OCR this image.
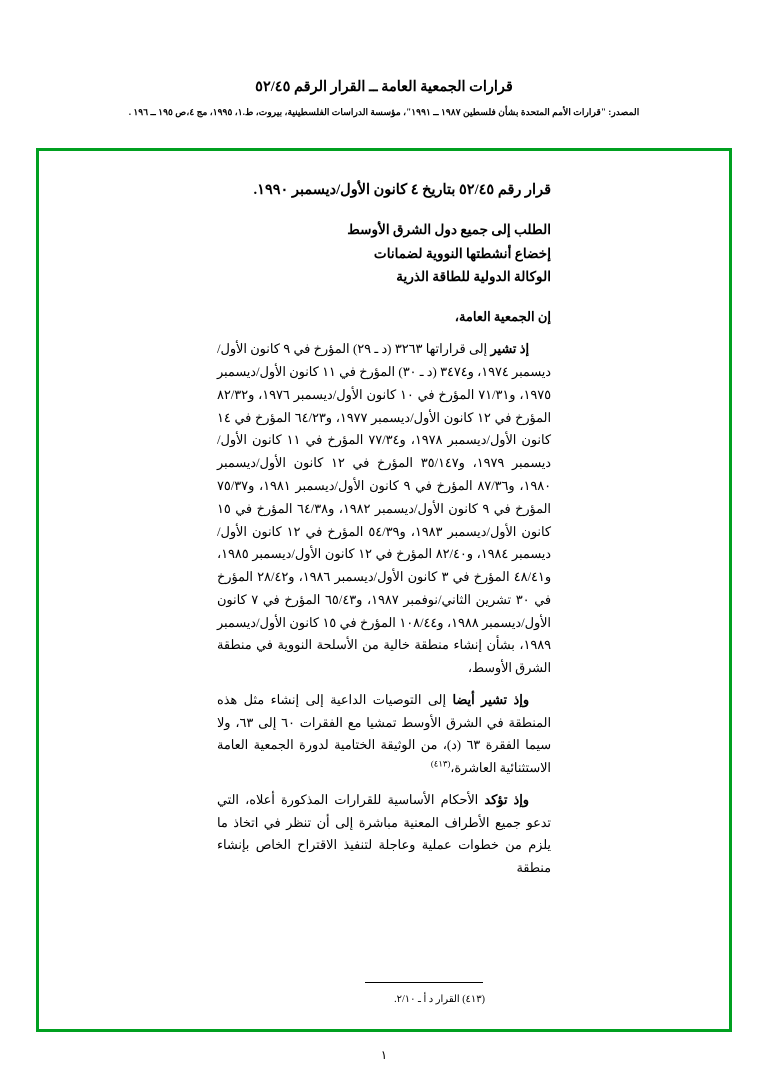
قرارات الجمعية العامة ــ القرار الرقم ٥٢/٤٥
المصدر: "قرارات الأمم المتحدة بشأن فلسطين ١٩٨٧ ــ ١٩٩١"، مؤسسة الدراسات الفلسطينية، بيروت، ط.١، ١٩٩٥، مج ٤،ص ١٩٥ ــ ١٩٦ .
قرار رقم ٥٢/٤٥ بتاريخ ٤ كانون الأول/ديسمبر ١٩٩٠.
الطلب إلى جميع دول الشرق الأوسط
إخضاع أنشطتها النووية لضمانات
الوكالة الدولية للطاقة الذرية
إن الجمعية العامة،

إذ تشير إلى قراراتها ٣٢٦٣ (د ـ ٢٩) المؤرخ في ٩ كانون الأول/ديسمبر ١٩٧٤، و٣٤٧٤ (د ـ ٣٠) المؤرخ في ١١ كانون الأول/ديسمبر ١٩٧٥، و٧١/٣١ المؤرخ في ١٠ كانون الأول/ديسمبر ١٩٧٦، و٨٢/٣٢ المؤرخ في ١٢ كانون الأول/ديسمبر ١٩٧٧، و٦٤/٢٣ المؤرخ في ١٤ كانون الأول/ديسمبر ١٩٧٨، و٧٧/٣٤ المؤرخ في ١١ كانون الأول/ديسمبر ١٩٧٩، و٣٥/١٤٧ المؤرخ في ١٢ كانون الأول/ديسمبر ١٩٨٠، و٨٧/٣٦ المؤرخ في ٩ كانون الأول/ديسمبر ١٩٨١، و٧٥/٣٧ المؤرخ في ٩ كانون الأول/ديسمبر ١٩٨٢، و٦٤/٣٨ المؤرخ في ١٥ كانون الأول/ديسمبر ١٩٨٣، و٥٤/٣٩ المؤرخ في ١٢ كانون الأول/ديسمبر ١٩٨٤، و٨٢/٤٠ المؤرخ في ١٢ كانون الأول/ديسمبر ١٩٨٥، و٤٨/٤١ المؤرخ في ٣ كانون الأول/ديسمبر ١٩٨٦، و٢٨/٤٢ المؤرخ في ٣٠ تشرين الثاني/نوفمبر ١٩٨٧، و٦٥/٤٣ المؤرخ في ٧ كانون الأول/ديسمبر ١٩٨٨، و١٠٨/٤٤ المؤرخ في ١٥ كانون الأول/ديسمبر ١٩٨٩، بشأن إنشاء منطقة خالية من الأسلحة النووية في منطقة الشرق الأوسط،

وإذ تشير أيضا إلى التوصيات الداعية إلى إنشاء مثل هذه المنطقة في الشرق الأوسط تمشيا مع الفقرات ٦٠ إلى ٦٣، ولا سيما الفقرة ٦٣ (د)، من الوثيقة الختامية لدورة الجمعية العامة الاستثنائية العاشرة،$^{(٤١٣)}$

وإذ تؤكد الأحكام الأساسية للقرارات المذكورة أعلاه، التي تدعو جميع الأطراف المعنية مباشرة إلى أن تنظر في اتخاذ ما يلزم من خطوات عملية وعاجلة لتنفيذ الاقتراح الخاص بإنشاء منطقة

(٤١٣) القرار د أ ـ ٢/١٠.
١
